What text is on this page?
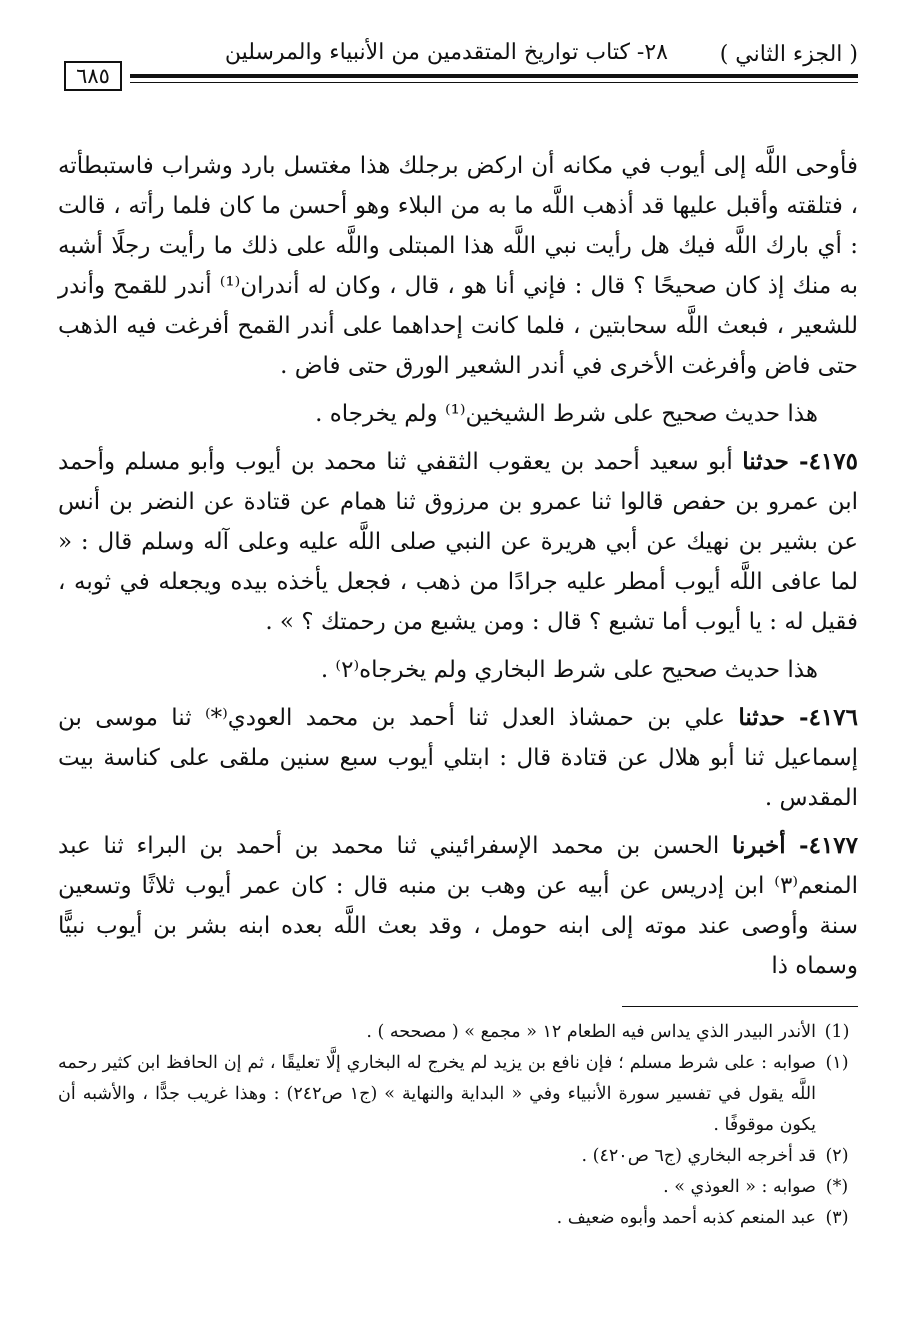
( الجزء الثاني )
٢٨- كتاب تواريخ المتقدمين من الأنبياء والمرسلين
٦٨٥

فأوحى اللَّه إلى أيوب في مكانه أن اركض برجلك هذا مغتسل بارد وشراب فاستبطأته ، فتلقته وأقبل عليها قد أذهب اللَّه ما به من البلاء وهو أحسن ما كان فلما رأته ، قالت : أي بارك اللَّه فيك هل رأيت نبي اللَّه هذا المبتلى واللَّه على ذلك ما رأيت رجلًا أشبه به منك إذ كان صحيحًا ؟ قال : فإني أنا هو ، قال ، وكان له أندران⁽¹⁾ أندر للقمح وأندر للشعير ، فبعث اللَّه سحابتين ، فلما كانت إحداهما على أندر القمح أفرغت فيه الذهب حتى فاض وأفرغت الأخرى في أندر الشعير الورق حتى فاض .

هذا حديث صحيح على شرط الشيخين⁽¹⁾ ولم يخرجاه .

٤١٧٥- حدثنا أبو سعيد أحمد بن يعقوب الثقفي ثنا محمد بن أيوب وأبو مسلم وأحمد ابن عمرو بن حفص قالوا ثنا عمرو بن مرزوق ثنا همام عن قتادة عن النضر بن أنس عن بشير بن نهيك عن أبي هريرة عن النبي صلى اللَّه عليه وعلى آله وسلم قال : « لما عافى اللَّه أيوب أمطر عليه جرادًا من ذهب ، فجعل يأخذه بيده ويجعله في ثوبه ، فقيل له : يا أيوب أما تشبع ؟ قال : ومن يشبع من رحمتك ؟ » .

هذا حديث صحيح على شرط البخاري ولم يخرجاه⁽٢⁾ .

٤١٧٦- حدثنا علي بن حمشاذ العدل ثنا أحمد بن محمد العودي⁽*⁾ ثنا موسى بن إسماعيل ثنا أبو هلال عن قتادة قال : ابتلي أيوب سبع سنين ملقى على كناسة بيت المقدس .

٤١٧٧- أخبرنا الحسن بن محمد الإسفرائيني ثنا محمد بن أحمد بن البراء ثنا عبد المنعم⁽٣⁾ ابن إدريس عن أبيه عن وهب بن منبه قال : كان عمر أيوب ثلاثًا وتسعين سنة وأوصى عند موته إلى ابنه حومل ، وقد بعث اللَّه بعده ابنه بشر بن أيوب نبيًّا وسماه ذا

(1)
الأندر البيدر الذي يداس فيه الطعام ١٢ « مجمع » ( مصححه ) .
(١)
صوابه : على شرط مسلم ؛ فإن نافع بن يزيد لم يخرج له البخاري إلَّا تعليقًا ، ثم إن الحافظ ابن كثير رحمه اللَّه يقول في تفسير سورة الأنبياء وفي « البداية والنهاية » (ج١ ص٢٤٢) : وهذا غريب جدًّا ، والأشبه أن يكون موقوفًا .
(٢)
قد أخرجه البخاري (ج٦ ص٤٢٠) .
(*)
صوابه : « العوذي » .
(٣)
عبد المنعم كذبه أحمد وأبوه ضعيف .
